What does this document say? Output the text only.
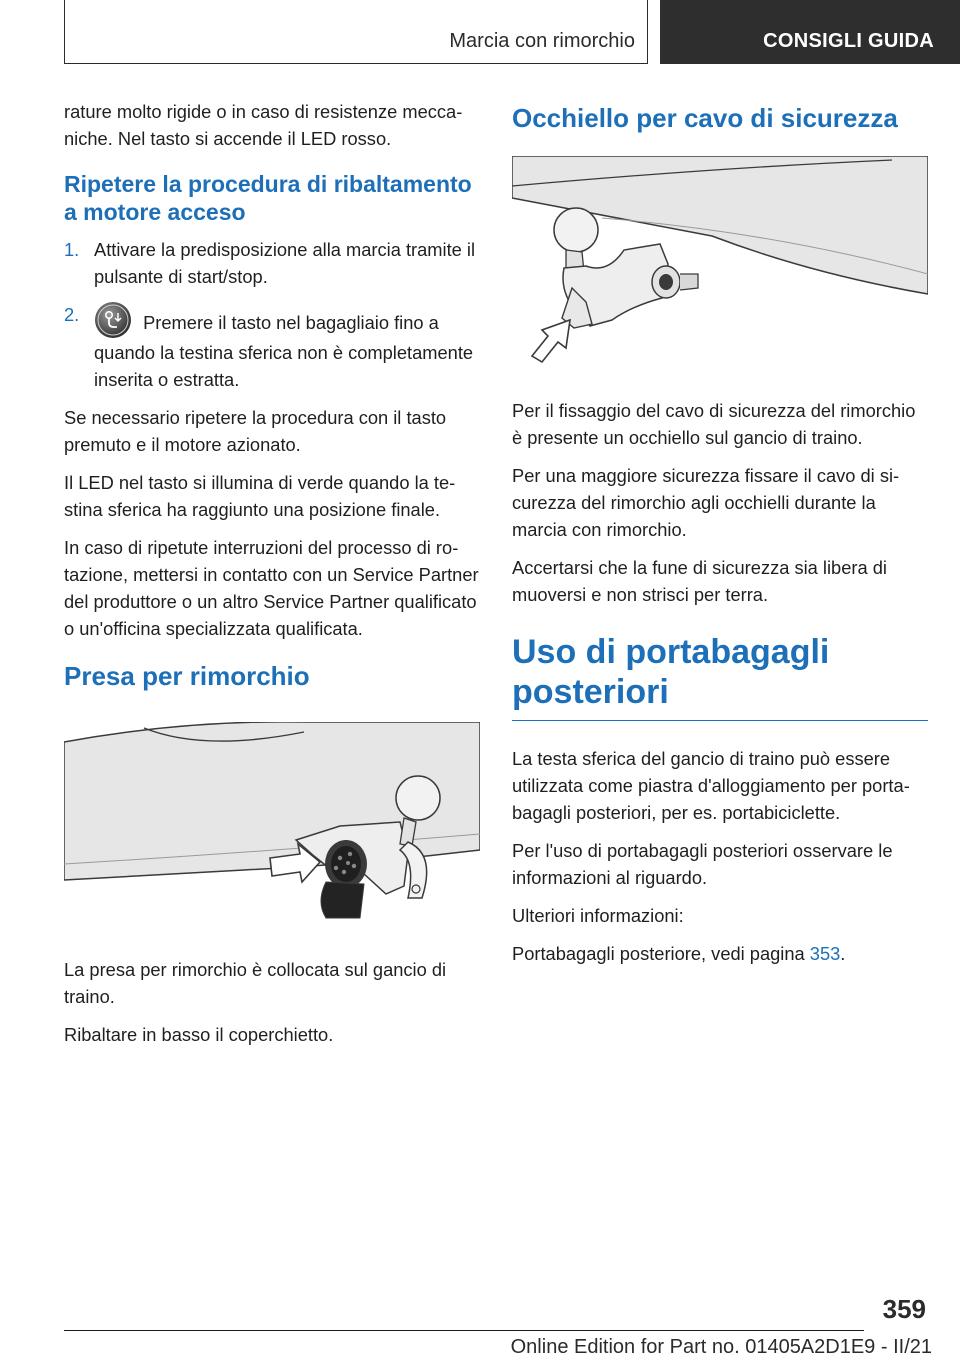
Marcia con rimorchio	CONSIGLI GUIDA

rature molto rigide o in caso di resistenze meccaniche. Nel tasto si accende il LED rosso.

Ripetere la procedura di ribaltamento a motore acceso

1. Attivare la predisposizione alla marcia tramite il pulsante di start/stop.

2.	Premere il tasto nel bagagliaio fino a quando la testina sferica non è completamente inserita o estratta.

Se necessario ripetere la procedura con il tasto premuto e il motore azionato.

Il LED nel tasto si illumina di verde quando la testina sferica ha raggiunto una posizione finale.

In caso di ripetute interruzioni del processo di rotazione, mettersi in contatto con un Service Partner del produttore o un altro Service Partner qualificato o un'officina specializzata qualificata.

Presa per rimorchio

La presa per rimorchio è collocata sul gancio di traino.

Ribaltare in basso il coperchietto.

Occhiello per cavo di sicurezza

Per il fissaggio del cavo di sicurezza del rimorchio è presente un occhiello sul gancio di traino.

Per una maggiore sicurezza fissare il cavo di sicurezza del rimorchio agli occhielli durante la marcia con rimorchio.

Accertarsi che la fune di sicurezza sia libera di muoversi e non strisci per terra.

Uso di portabagagli posteriori

La testa sferica del gancio di traino può essere utilizzata come piastra d'alloggiamento per portabagagli posteriori, per es. portabiciclette.

Per l'uso di portabagagli posteriori osservare le informazioni al riguardo.

Ulteriori informazioni:

Portabagagli posteriore, vedi pagina 353.

359
Online Edition for Part no. 01405A2D1E9 - II/21
